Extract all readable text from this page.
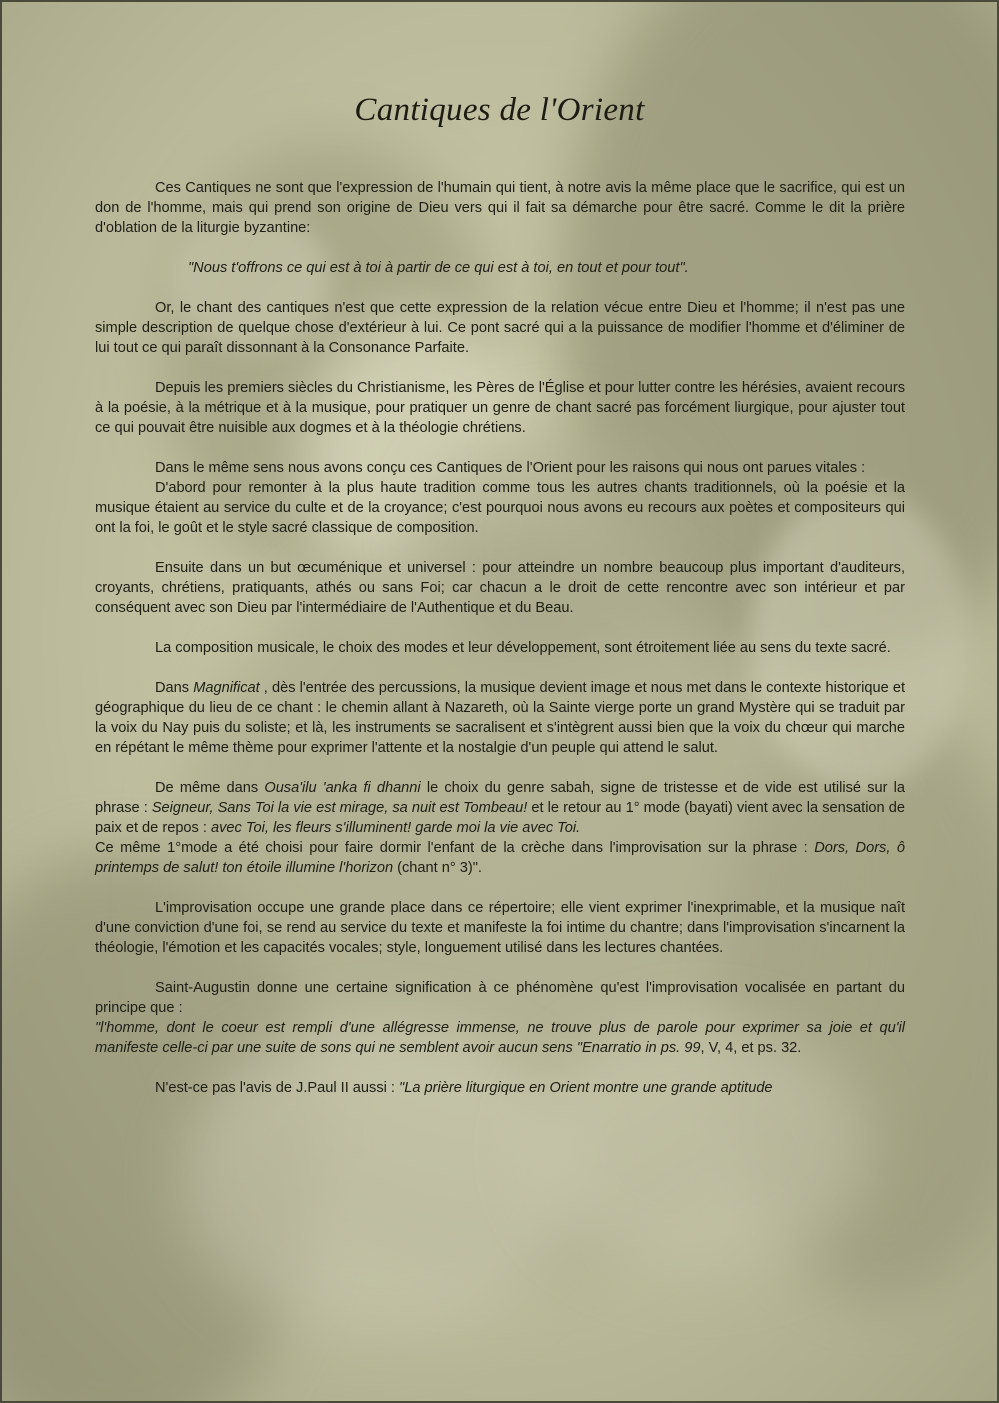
Cantiques de l'Orient

Ces Cantiques ne sont que l'expression de l'humain qui tient, à notre avis la même place que le sacrifice, qui est un don de l'homme, mais qui prend son origine de Dieu vers qui il fait sa démarche pour être sacré. Comme le dit la prière d'oblation de la liturgie byzantine:

"Nous t'offrons ce qui est à toi à partir de ce qui est à toi, en tout et pour tout".

Or, le chant des cantiques n'est que cette expression de la relation vécue entre Dieu et l'homme; il n'est pas une simple description de quelque chose d'extérieur à lui. Ce pont sacré qui a la puissance de modifier l'homme et d'éliminer de lui tout ce qui paraît dissonnant à la Consonance Parfaite.

Depuis les premiers siècles du Christianisme, les Pères de l'Église et pour lutter contre les hérésies, avaient recours à la poésie, à la métrique et à la musique, pour pratiquer un genre de chant sacré pas forcément liurgique, pour ajuster tout ce qui pouvait être nuisible aux dogmes et à la théologie chrétiens.

Dans le même sens nous avons conçu ces Cantiques de l'Orient pour les raisons qui nous ont parues vitales :

D'abord pour remonter à la plus haute tradition comme tous les autres chants traditionnels, où la poésie et la musique étaient au service du culte et de la croyance; c'est pourquoi nous avons eu recours aux poètes et compositeurs qui ont la foi, le goût et le style sacré classique de composition.

Ensuite dans un but œcuménique et universel : pour atteindre un nombre beaucoup plus important d'auditeurs, croyants, chrétiens, pratiquants, athés ou sans Foi; car chacun a le droit de cette rencontre avec son intérieur et par conséquent avec son Dieu par l'intermédiaire de l'Authentique et du Beau.

La composition musicale, le choix des modes et leur développement, sont étroitement liée au sens du texte sacré.

Dans Magnificat , dès l'entrée des percussions, la musique devient image et nous met dans le contexte historique et géographique du lieu de ce chant : le chemin allant à Nazareth, où la Sainte vierge porte un grand Mystère qui se traduit par la voix du Nay puis du soliste; et là, les instruments se sacralisent et s'intègrent aussi bien que la voix du chœur qui marche en répétant le même thème pour exprimer l'attente et la nostalgie d'un peuple qui attend le salut.

De même dans Ousa'ilu 'anka fi dhanni le choix du genre sabah, signe de tristesse et de vide est utilisé sur la phrase : Seigneur, Sans Toi la vie est mirage, sa nuit est Tombeau! et le retour au 1° mode (bayati) vient avec la sensation de paix et de repos : avec Toi, les fleurs s'illuminent! garde moi la vie avec Toi.

Ce même 1°mode a été choisi pour faire dormir l'enfant de la crèche dans l'improvisation sur la phrase : Dors, Dors, ô printemps de salut! ton étoile illumine l'horizon (chant n° 3)".

L'improvisation occupe une grande place dans ce répertoire; elle vient exprimer l'inexprimable, et la musique naît d'une conviction d'une foi, se rend au service du texte et manifeste la foi intime du chantre; dans l'improvisation s'incarnent la théologie, l'émotion et les capacités vocales; style, longuement utilisé dans les lectures chantées.

Saint-Augustin donne une certaine signification à ce phénomène qu'est l'improvisation vocalisée en partant du principe que :

"l'homme, dont le coeur est rempli d'une allégresse immense, ne trouve plus de parole pour exprimer sa joie et qu'il manifeste celle-ci par une suite de sons qui ne semblent avoir aucun sens "Enarratio in ps. 99, V, 4, et ps. 32.

N'est-ce pas l'avis de J.Paul II aussi : "La prière liturgique en Orient montre une grande aptitude
